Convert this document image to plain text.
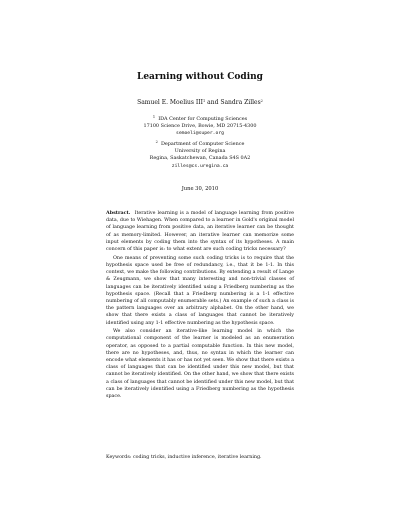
Learning without Coding
Samuel E. Moelius III$^1$ and Sandra Zilles$^2$
$^1$ IDA Center for Computing Sciences
17100 Science Drive, Bowie, MD 20715-4300
semoeli@super.org
$^2$ Department of Computer Science
University of Regina
Regina, Saskatchewan, Canada S4S 0A2
zilles@cs.uregina.ca
June 30, 2010

Abstract. Iterative learning is a model of language learning from positive data, due to Wiehagen. When compared to a learner in Gold's original model of language learning from positive data, an iterative learner can be thought of as memory-limited. However, an iterative learner can memorize some input elements by coding them into the syntax of its hypotheses. A main concern of this paper is: to what extent are such coding tricks necessary?

One means of preventing some such coding tricks is to require that the hypothesis space used be free of redundancy, i.e., that it be 1-1. In this context, we make the following contributions. By extending a result of Lange & Zeugmann, we show that many interesting and non-trivial classes of languages can be iteratively identified using a Friedberg numbering as the hypothesis space. (Recall that a Friedberg numbering is a 1-1 effective numbering of all computably enumerable sets.) An example of such a class is the pattern languages over an arbitrary alphabet. On the other hand, we show that there exists a class of languages that cannot be iteratively identified using any 1-1 effective numbering as the hypothesis space.

We also consider an iterative-like learning model in which the computational component of the learner is modeled as an enumeration operator, as opposed to a partial computable function. In this new model, there are no hypotheses, and, thus, no syntax in which the learner can encode what elements it has or has not yet seen. We show that there exists a class of languages that can be identified under this new model, but that cannot be iteratively identified. On the other hand, we show that there exists a class of languages that cannot be identified under this new model, but that can be iteratively identified using a Friedberg numbering as the hypothesis space.

Keywords: coding tricks, inductive inference, iterative learning.
